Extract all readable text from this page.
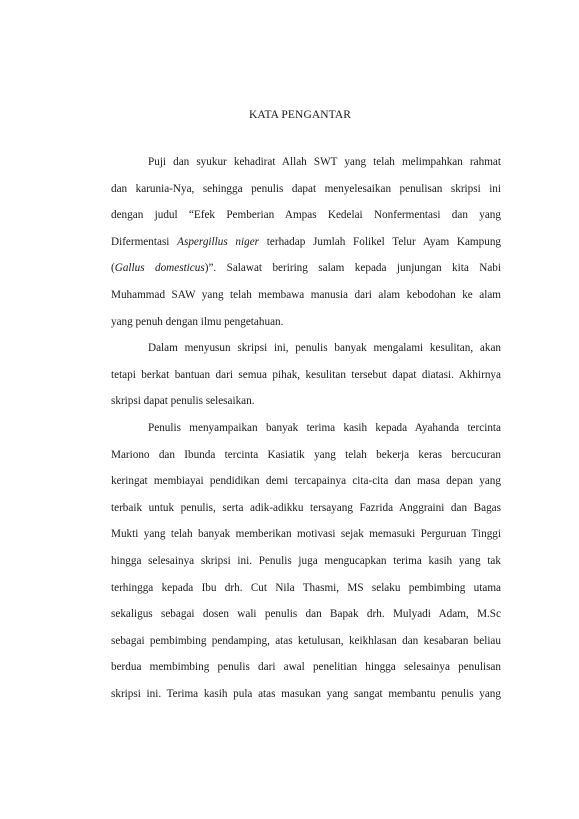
KATA PENGANTAR
Puji dan syukur kehadirat Allah SWT yang telah melimpahkan rahmat
dan karunia-Nya, sehingga penulis dapat menyelesaikan penulisan skripsi ini
dengan judul “Efek Pemberian Ampas Kedelai Nonfermentasi dan yang
Difermentasi Aspergillus niger terhadap Jumlah Folikel Telur Ayam Kampung
(Gallus domesticus)”. Salawat beriring salam kepada junjungan kita Nabi
Muhammad SAW yang telah membawa manusia dari alam kebodohan ke alam
yang penuh dengan ilmu pengetahuan.
Dalam menyusun skripsi ini, penulis banyak mengalami kesulitan, akan
tetapi berkat bantuan dari semua pihak, kesulitan tersebut dapat diatasi. Akhirnya
skripsi dapat penulis selesaikan.
Penulis menyampaikan banyak terima kasih kepada Ayahanda tercinta
Mariono dan Ibunda tercinta Kasiatik yang telah bekerja keras bercucuran
keringat membiayai pendidikan demi tercapainya cita-cita dan masa depan yang
terbaik untuk penulis, serta adik-adikku tersayang Fazrida Anggraini dan Bagas
Mukti yang telah banyak memberikan motivasi sejak memasuki Perguruan Tinggi
hingga selesainya skripsi ini. Penulis juga mengucapkan terima kasih yang tak
terhingga kepada Ibu drh. Cut Nila Thasmi, MS selaku pembimbing utama
sekaligus sebagai dosen wali penulis dan Bapak drh. Mulyadi Adam, M.Sc
sebagai pembimbing pendamping, atas ketulusan, keikhlasan dan kesabaran beliau
berdua membimbing penulis dari awal penelitian hingga selesainya penulisan
skripsi ini. Terima kasih pula atas masukan yang sangat membantu penulis yang
